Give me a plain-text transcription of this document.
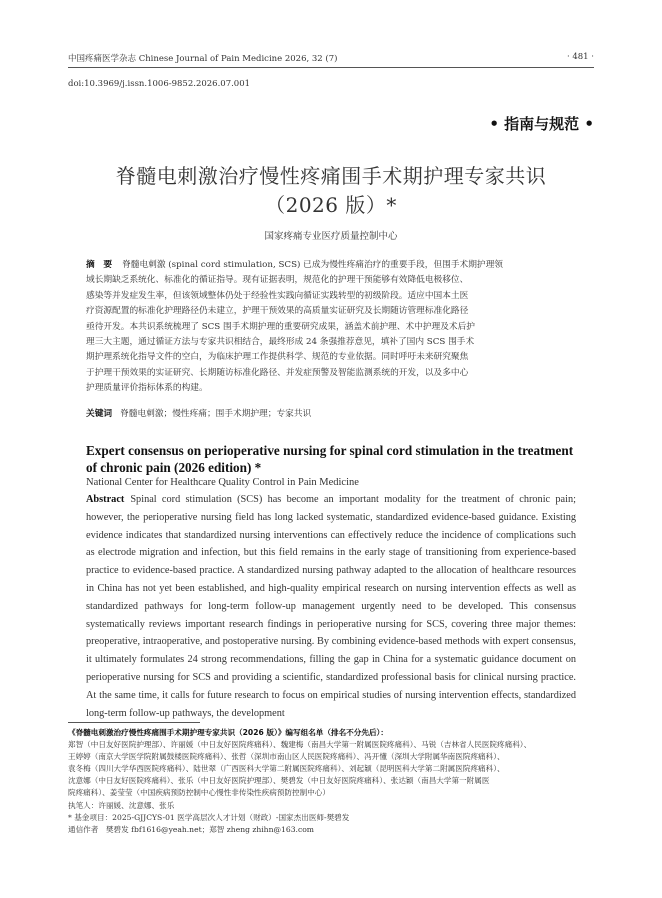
中国疼痛医学杂志 Chinese Journal of Pain Medicine 2026, 32 (7)	· 481 ·
doi:10.3969/j.issn.1006-9852.2026.07.001
• 指南与规范 •
脊髓电刺激治疗慢性疼痛围手术期护理专家共识
（2026 版）*
国家疼痛专业医疗质量控制中心
摘　要 脊髓电刺激 (spinal cord stimulation, SCS) 已成为慢性疼痛治疗的重要手段，但围手术期护理领
域长期缺乏系统化、标准化的循证指导。现有证据表明，规范化的护理干预能够有效降低电极移位、
感染等并发症发生率，但该领域整体仍处于经验性实践向循证实践转型的初级阶段。适应中国本土医
疗资源配置的标准化护理路径仍未建立，护理干预效果的高质量实证研究及长期随访管理标准化路径
亟待开发。本共识系统梳理了 SCS 围手术期护理的重要研究成果，涵盖术前护理、术中护理及术后护
理三大主题，通过循证方法与专家共识相结合，最终形成 24 条强推荐意见，填补了国内 SCS 围手术
期护理系统化指导文件的空白，为临床护理工作提供科学、规范的专业依据。同时呼吁未来研究聚焦
于护理干预效果的实证研究、长期随访标准化路径、并发症预警及智能监测系统的开发，以及多中心
护理质量评价指标体系的构建。
关键词 脊髓电刺激；慢性疼痛；围手术期护理；专家共识
Expert consensus on perioperative nursing for spinal cord stimulation in the treatment of chronic pain (2026 edition) *
National Center for Healthcare Quality Control in Pain Medicine
Abstract Spinal cord stimulation (SCS) has become an important modality for the treatment of chronic pain; however, the perioperative nursing field has long lacked systematic, standardized evidence-based guidance. Existing evidence indicates that standardized nursing interventions can effectively reduce the incidence of complications such as electrode migration and infection, but this field remains in the early stage of transitioning from experience-based practice to evidence-based practice. A standardized nursing pathway adapted to the allocation of healthcare resources in China has not yet been established, and high-quality empirical research on nursing intervention effects as well as standardized pathways for long-term follow-up management urgently need to be developed. This consensus systematically reviews important research findings in perioperative nursing for SCS, covering three major themes: preoperative, intraoperative, and postoperative nursing. By combining evidence-based methods with expert consensus, it ultimately formulates 24 strong recommendations, filling the gap in China for a systematic guidance document on perioperative nursing for SCS and providing a scientific, standardized professional basis for clinical nursing practice. At the same time, it calls for future research to focus on empirical studies of nursing intervention effects, standardized long-term follow-up pathways, the development
《脊髓电刺激治疗慢性疼痛围手术期护理专家共识（2026 版）》编写组名单（排名不分先后）：
郑智（中日友好医院护理部）、许丽媛（中日友好医院疼痛科）、魏建梅（南昌大学第一附属医院疼痛科）、马锐（吉林省人民医院疼痛科）、
王婷婷（南京大学医学院附属鼓楼医院疼痛科）、张哲（深圳市南山区人民医院疼痛科）、冯开懂（深圳大学附属华南医院疼痛科）、
袁冬梅（四川大学华西医院疼痛科）、陆世翠（广西医科大学第二附属医院疼痛科）、刘起颖（昆明医科大学第二附属医院疼痛科）、
沈意娜（中日友好医院疼痛科）、张乐（中日友好医院护理部）、樊碧发（中日友好医院疼痛科）、张达颖（南昌大学第一附属医
院疼痛科）、姜莹莹（中国疾病预防控制中心慢性非传染性疾病预防控制中心）
执笔人：许丽媛、沈意娜、张乐
* 基金项目：2025-GJJCYS-01 医学高层次人才计划（财政）-国家杰出医师-樊碧发
通信作者　樊碧发 fbf1616@yeah.net；郑智 zheng zhihn@163.com
